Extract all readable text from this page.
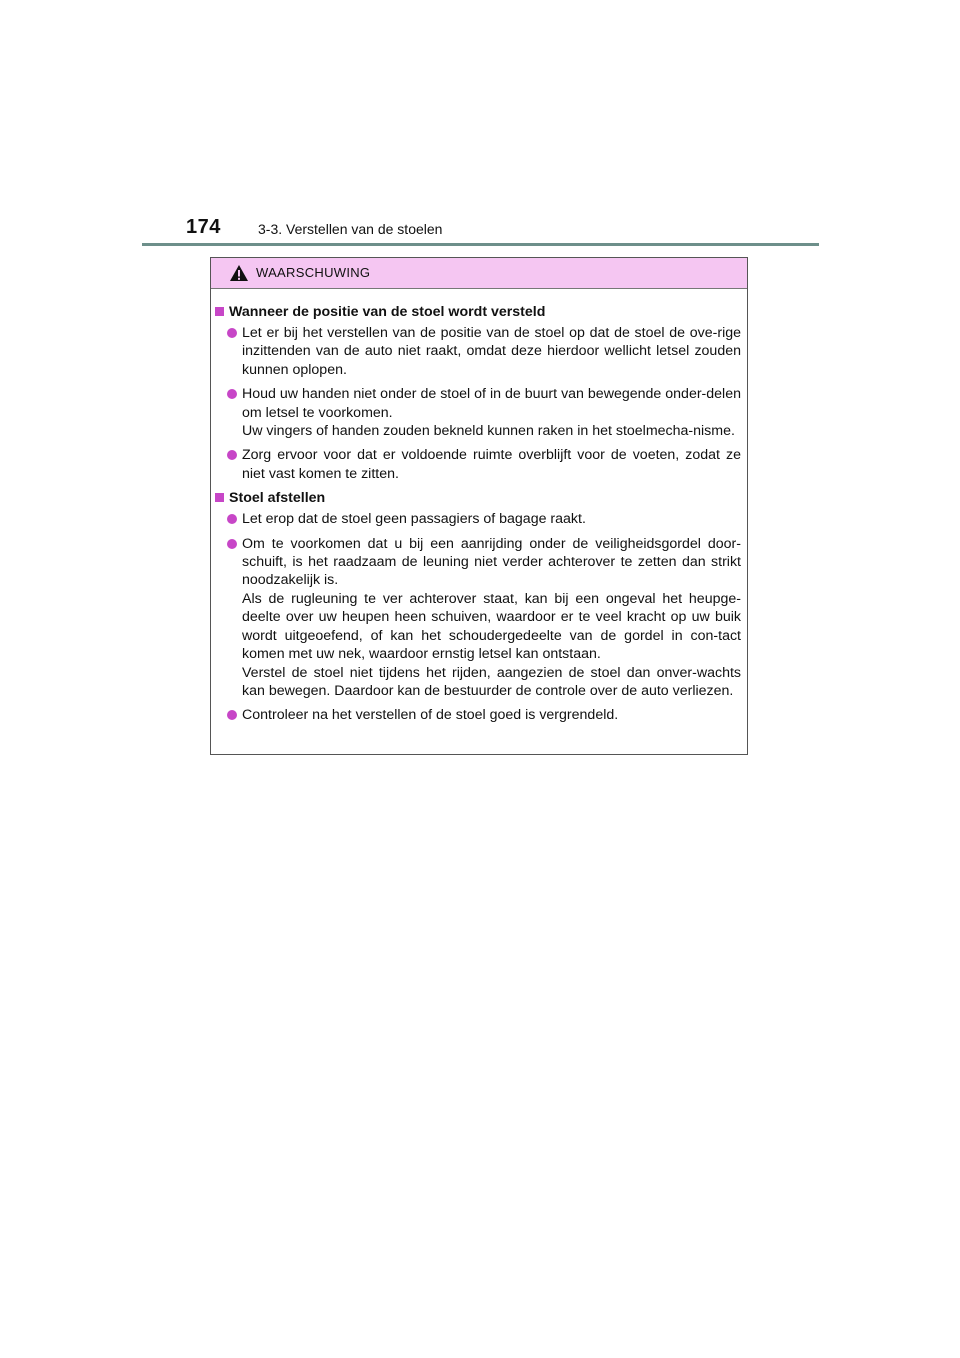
174	3-3. Verstellen van de stoelen
WAARSCHUWING
Wanneer de positie van de stoel wordt versteld

Let er bij het verstellen van de positie van de stoel op dat de stoel de ove-rige inzittenden van de auto niet raakt, omdat deze hierdoor wellicht letsel zouden kunnen oplopen.

Houd uw handen niet onder de stoel of in de buurt van bewegende onder-delen om letsel te voorkomen.

Uw vingers of handen zouden bekneld kunnen raken in het stoelmecha-nisme.

Zorg ervoor voor dat er voldoende ruimte overblijft voor de voeten, zodat ze niet vast komen te zitten.

Stoel afstellen

Let erop dat de stoel geen passagiers of bagage raakt.

Om te voorkomen dat u bij een aanrijding onder de veiligheidsgordel door-schuift, is het raadzaam de leuning niet verder achterover te zetten dan strikt noodzakelijk is.

Als de rugleuning te ver achterover staat, kan bij een ongeval het heupge-deelte over uw heupen heen schuiven, waardoor er te veel kracht op uw buik wordt uitgeoefend, of kan het schoudergedeelte van de gordel in con-tact komen met uw nek, waardoor ernstig letsel kan ontstaan.

Verstel de stoel niet tijdens het rijden, aangezien de stoel dan onver-wachts kan bewegen. Daardoor kan de bestuurder de controle over de auto verliezen.

Controleer na het verstellen of de stoel goed is vergrendeld.
